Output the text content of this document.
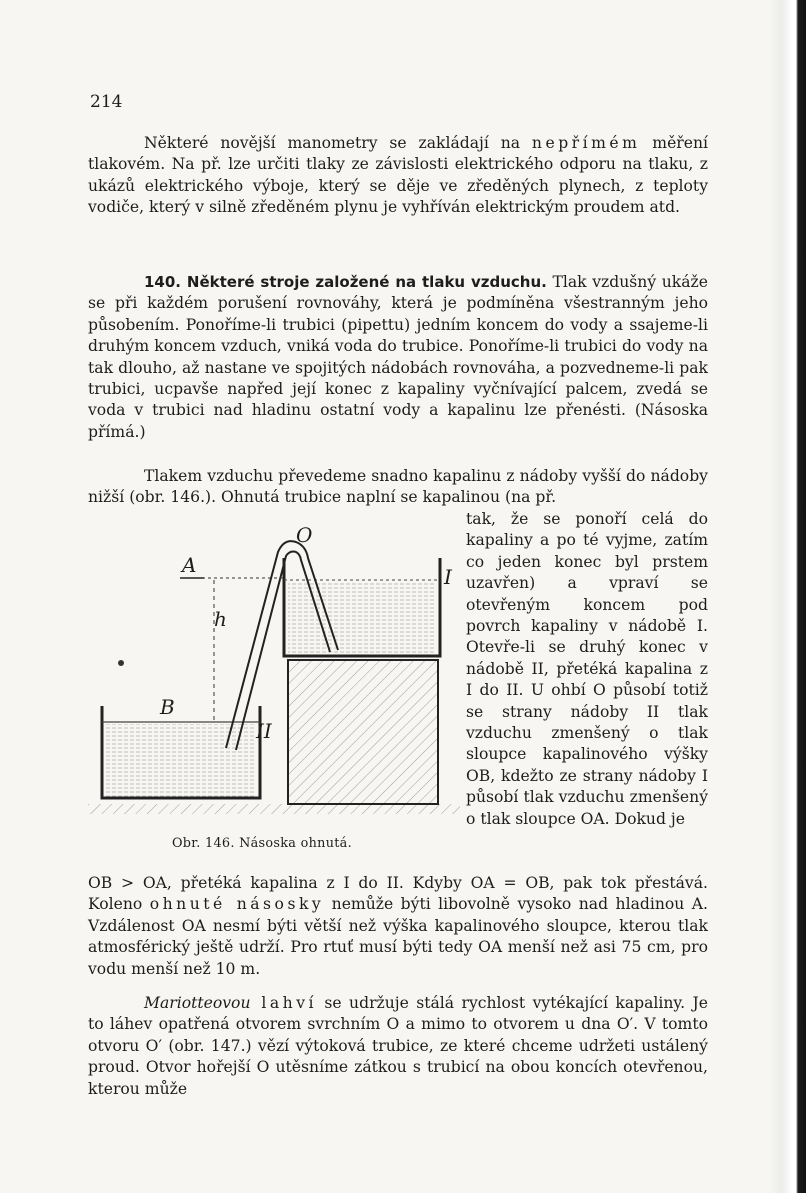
214

Některé novější manometry se zakládají na nepřímém měření tlakovém. Na př. lze určiti tlaky ze závislosti elektrického odporu na tlaku, z ukázů elektrického výboje, který se děje ve zředěných plynech, z teploty vodiče, který v silně zředěném plynu je vyhříván elektrickým proudem atd.

140. Některé stroje založené na tlaku vzduchu. Tlak vzdušný ukáže se při každém porušení rovnováhy, která je podmíněna všestranným jeho působením. Ponoříme-li trubici (pipettu) jedním koncem do vody a ssajeme-li druhým koncem vzduch, vniká voda do trubice. Ponoříme-li trubici do vody na tak dlouho, až nastane ve spojitých nádobách rovnováha, a pozvedneme-li pak trubici, ucpavše napřed její konec z kapaliny vyčnívající palcem, zvedá se voda v trubici nad hladinu ostatní vody a kapalinu lze přenésti. (Násoska přímá.)

Tlakem vzduchu převedeme snadno kapalinu z nádoby vyšší do nádoby nižší (obr. 146.). Ohnutá trubice naplní se kapalinou (na př.

tak, že se ponoří celá do kapaliny a po té vyjme, zatím co jeden konec byl prstem uzavřen) a vpraví se otevřeným koncem pod povrch kapaliny v nádobě I. Otevře-li se druhý konec v nádobě II, přetéká kapalina z I do II. U ohbí O působí totiž se strany nádoby II tlak vzduchu zmenšený o tlak sloupce kapalinového výšky OB, kdežto ze strany nádoby I působí tlak vzduchu zmenšený o tlak sloupce OA. Dokud je

O
A	I
h
B
II
Obr. 146. Násoska ohnutá.

OB > OA, přetéká kapalina z I do II. Kdyby OA = OB, pak tok přestává. Koleno ohnuté násosky nemůže býti libovolně vysoko nad hladinou A. Vzdálenost OA nesmí býti větší než výška kapalinového sloupce, kterou tlak atmosférický ještě udrží. Pro rtuť musí býti tedy OA menší než asi 75 cm, pro vodu menší než 10 m.

Mariotteovou lahví se udržuje stálá rychlost vytékající kapaliny. Je to láhev opatřená otvorem svrchním O a mimo to otvorem u dna O′. V tomto otvoru O′ (obr. 147.) vězí výtoková trubice, ze které chceme udržeti ustálený proud. Otvor hořejší O utěsníme zátkou s trubicí na obou koncích otevřenou, kterou může
